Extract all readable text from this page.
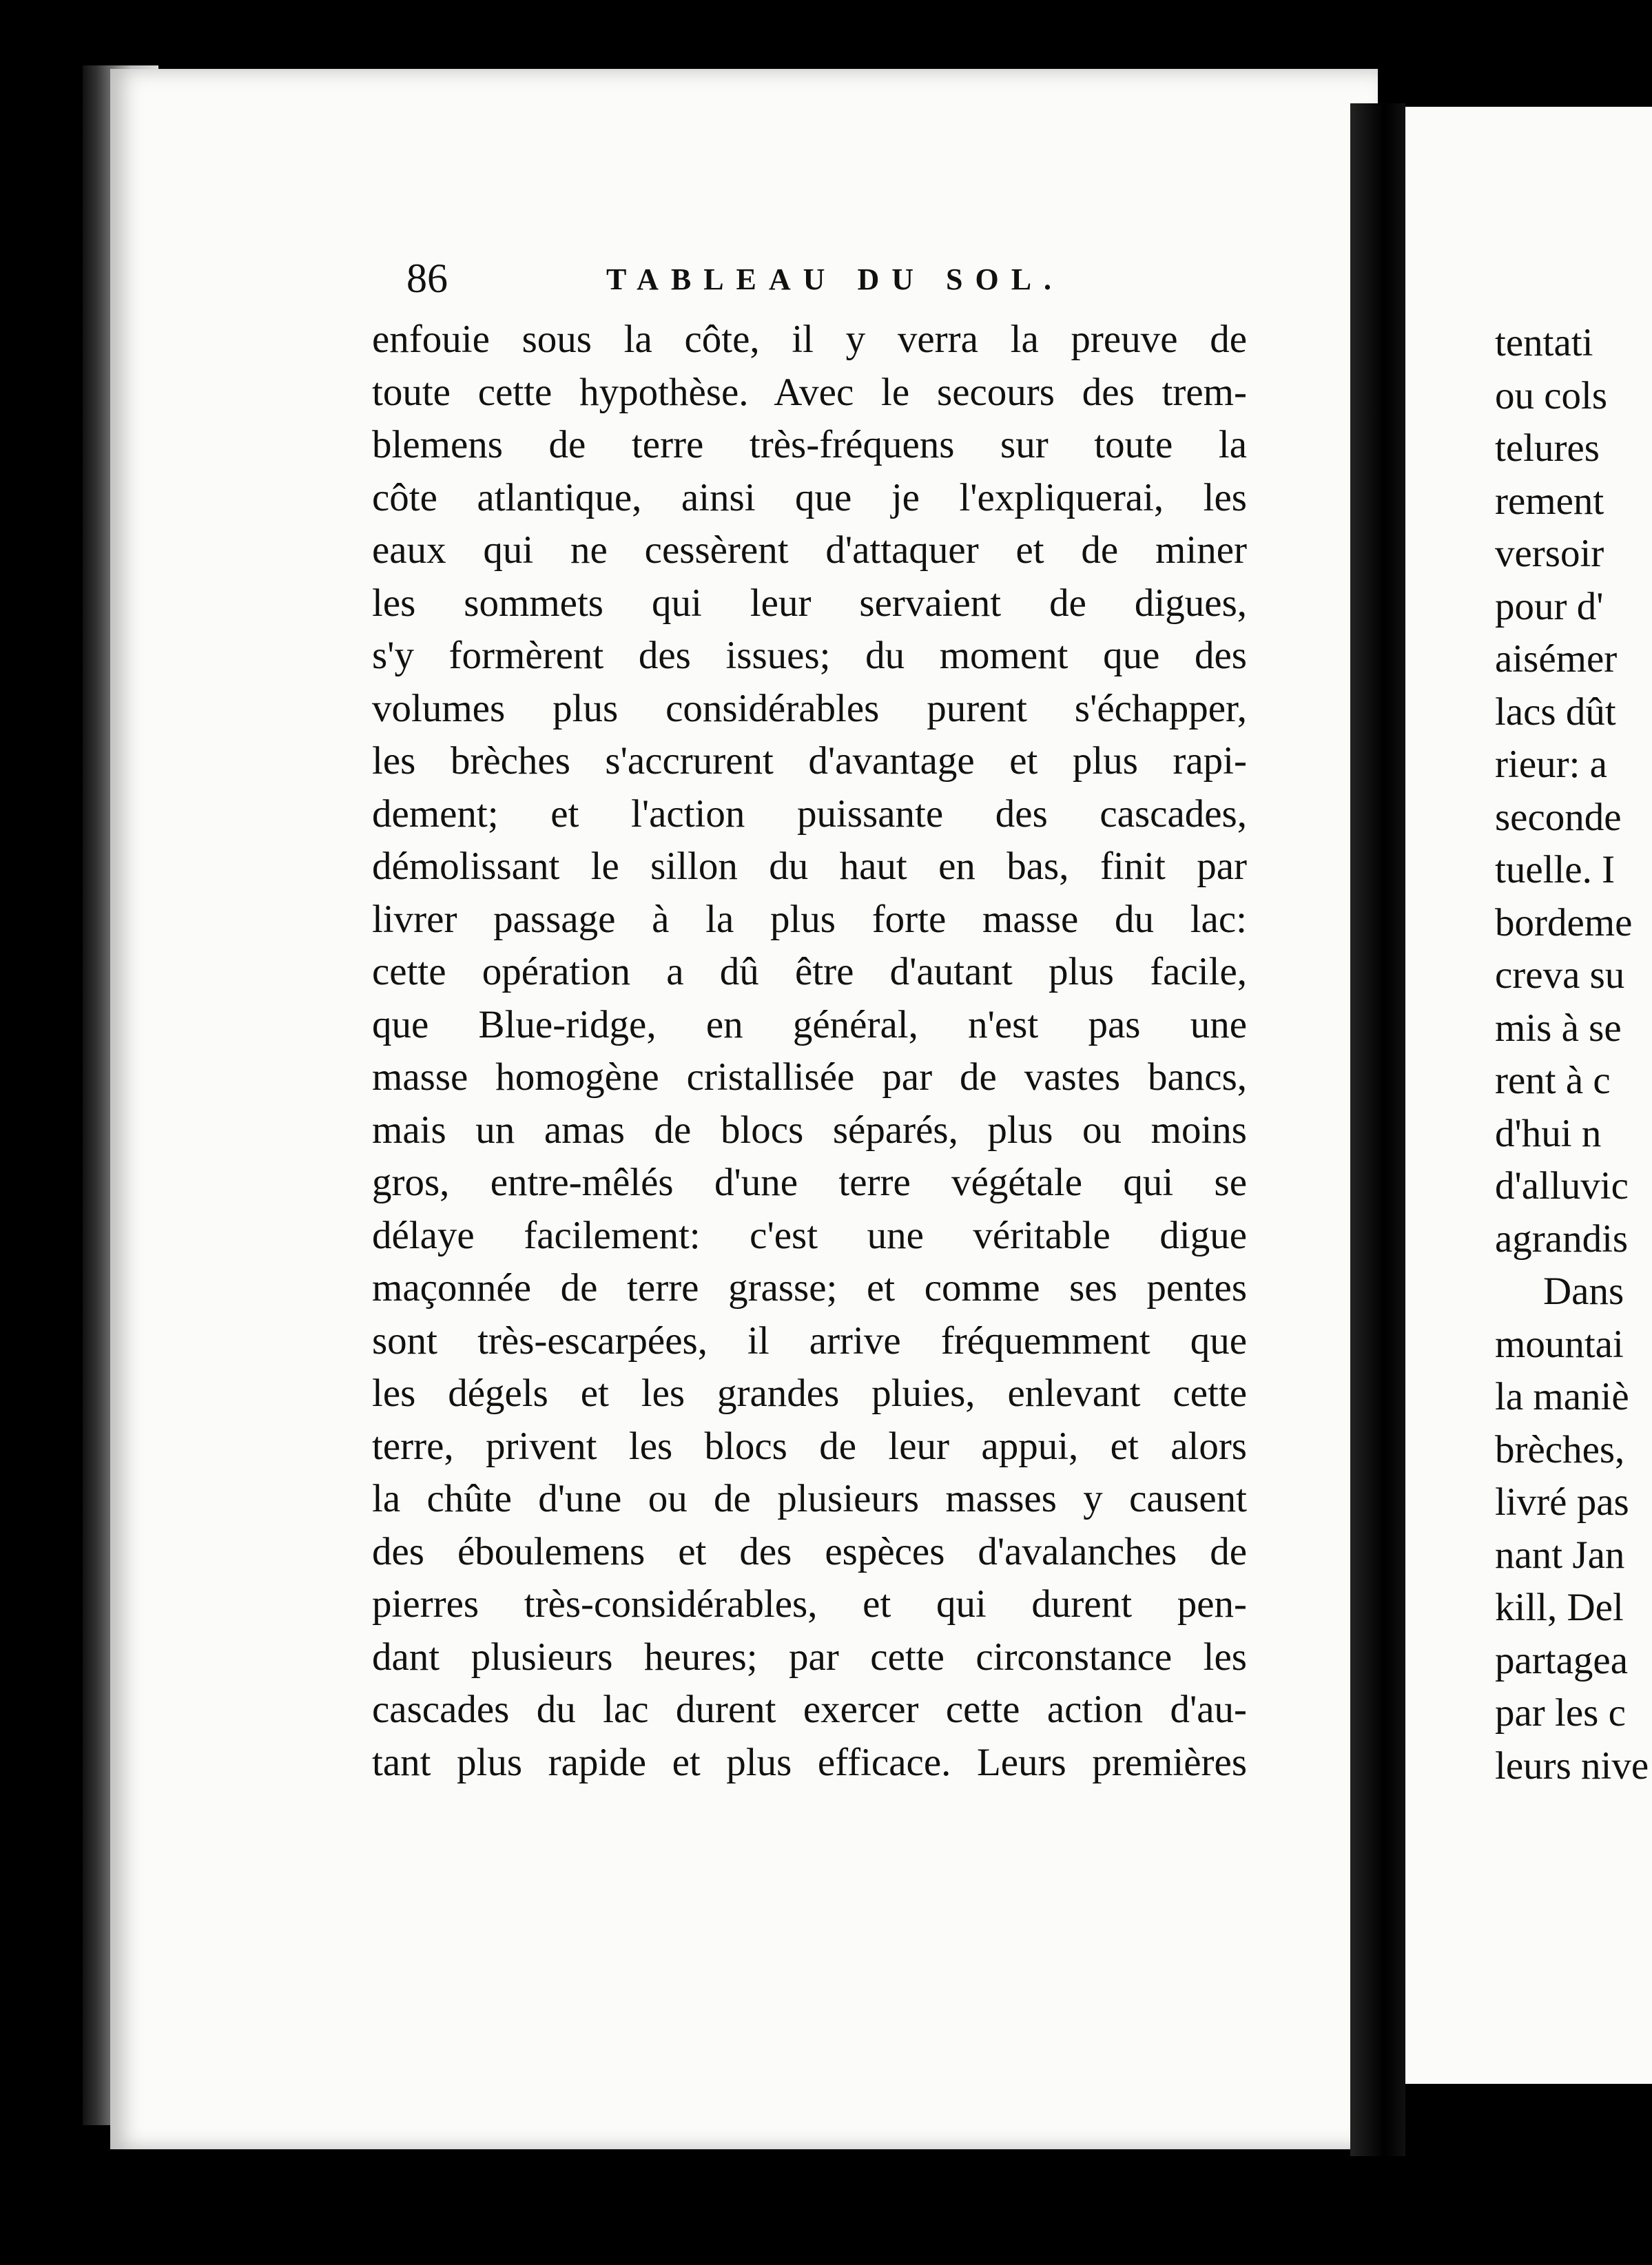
86	TABLEAU DU SOL.
enfouie sous la côte, il y verra la preuve de
toute cette hypothèse. Avec le secours des trem-
blemens de terre très-fréquens sur toute la
côte atlantique, ainsi que je l'expliquerai, les
eaux qui ne cessèrent d'attaquer et de miner
les sommets qui leur servaient de digues,
s'y formèrent des issues; du moment que des
volumes plus considérables purent s'échapper,
les brèches s'accrurent d'avantage et plus rapi-
dement; et l'action puissante des cascades,
démolissant le sillon du haut en bas, finit par
livrer passage à la plus forte masse du lac:
cette opération a dû être d'autant plus facile,
que Blue-ridge, en général, n'est pas une
masse homogène cristallisée par de vastes bancs,
mais un amas de blocs séparés, plus ou moins
gros, entre-mêlés d'une terre végétale qui se
délaye facilement: c'est une véritable digue
maçonnée de terre grasse; et comme ses pentes
sont très-escarpées, il arrive fréquemment que
les dégels et les grandes pluies, enlevant cette
terre, privent les blocs de leur appui, et alors
la chûte d'une ou de plusieurs masses y causent
des éboulemens et des espèces d'avalanches de
pierres très-considérables, et qui durent pen-
dant plusieurs heures; par cette circonstance les
cascades du lac durent exercer cette action d'au-
tant plus rapide et plus efficace. Leurs premières
tentati
ou cols
telures
rement
versoir
pour d'
aisémer
lacs dût
rieur: a
seconde
tuelle. I
bordeme
creva su
mis à se
rent à c
d'hui n
d'alluvic
agrandis
Dans
mountai
la maniè
brèches,
livré pas
nant Jan
kill, Del
partagea
par les c
leurs nive
